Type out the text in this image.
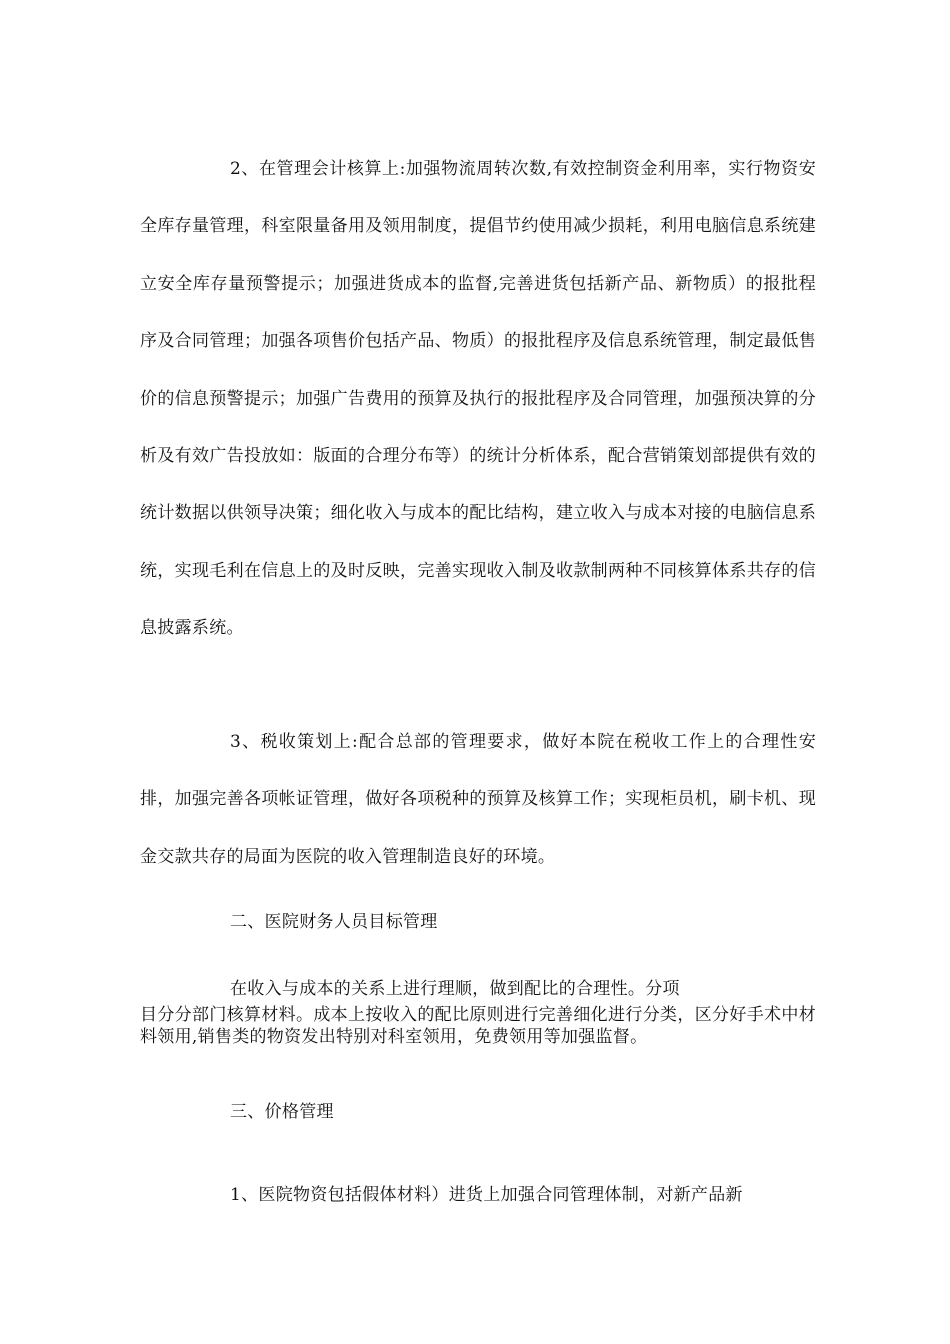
2、在管理会计核算上:加强物流周转次数,有效控制资金利用率，实行物资安全库存量管理，科室限量备用及领用制度，提倡节约使用减少损耗，利用电脑信息系统建立安全库存量预警提示；加强进货成本的监督,完善进货包括新产品、新物质）的报批程序及合同管理；加强各项售价包括产品、物质）的报批程序及信息系统管理，制定最低售价的信息预警提示；加强广告费用的预算及执行的报批程序及合同管理，加强预决算的分析及有效广告投放如：版面的合理分布等）的统计分析体系，配合营销策划部提供有效的统计数据以供领导决策；细化收入与成本的配比结构，建立收入与成本对接的电脑信息系统，实现毛利在信息上的及时反映，完善实现收入制及收款制两种不同核算体系共存的信息披露系统。

3、税收策划上:配合总部的管理要求，做好本院在税收工作上的合理性安排，加强完善各项帐证管理，做好各项税种的预算及核算工作；实现柜员机，刷卡机、现金交款共存的局面为医院的收入管理制造良好的环境。

二、医院财务人员目标管理

在收入与成本的关系上进行理顺，做到配比的合理性。分项
目分分部门核算材料。成本上按收入的配比原则进行完善细化进行分类，区分好手术中材料领用,销售类的物资发出特别对科室领用，免费领用等加强监督。

三、价格管理

1、医院物资包括假体材料）进货上加强合同管理体制，对新产品新
